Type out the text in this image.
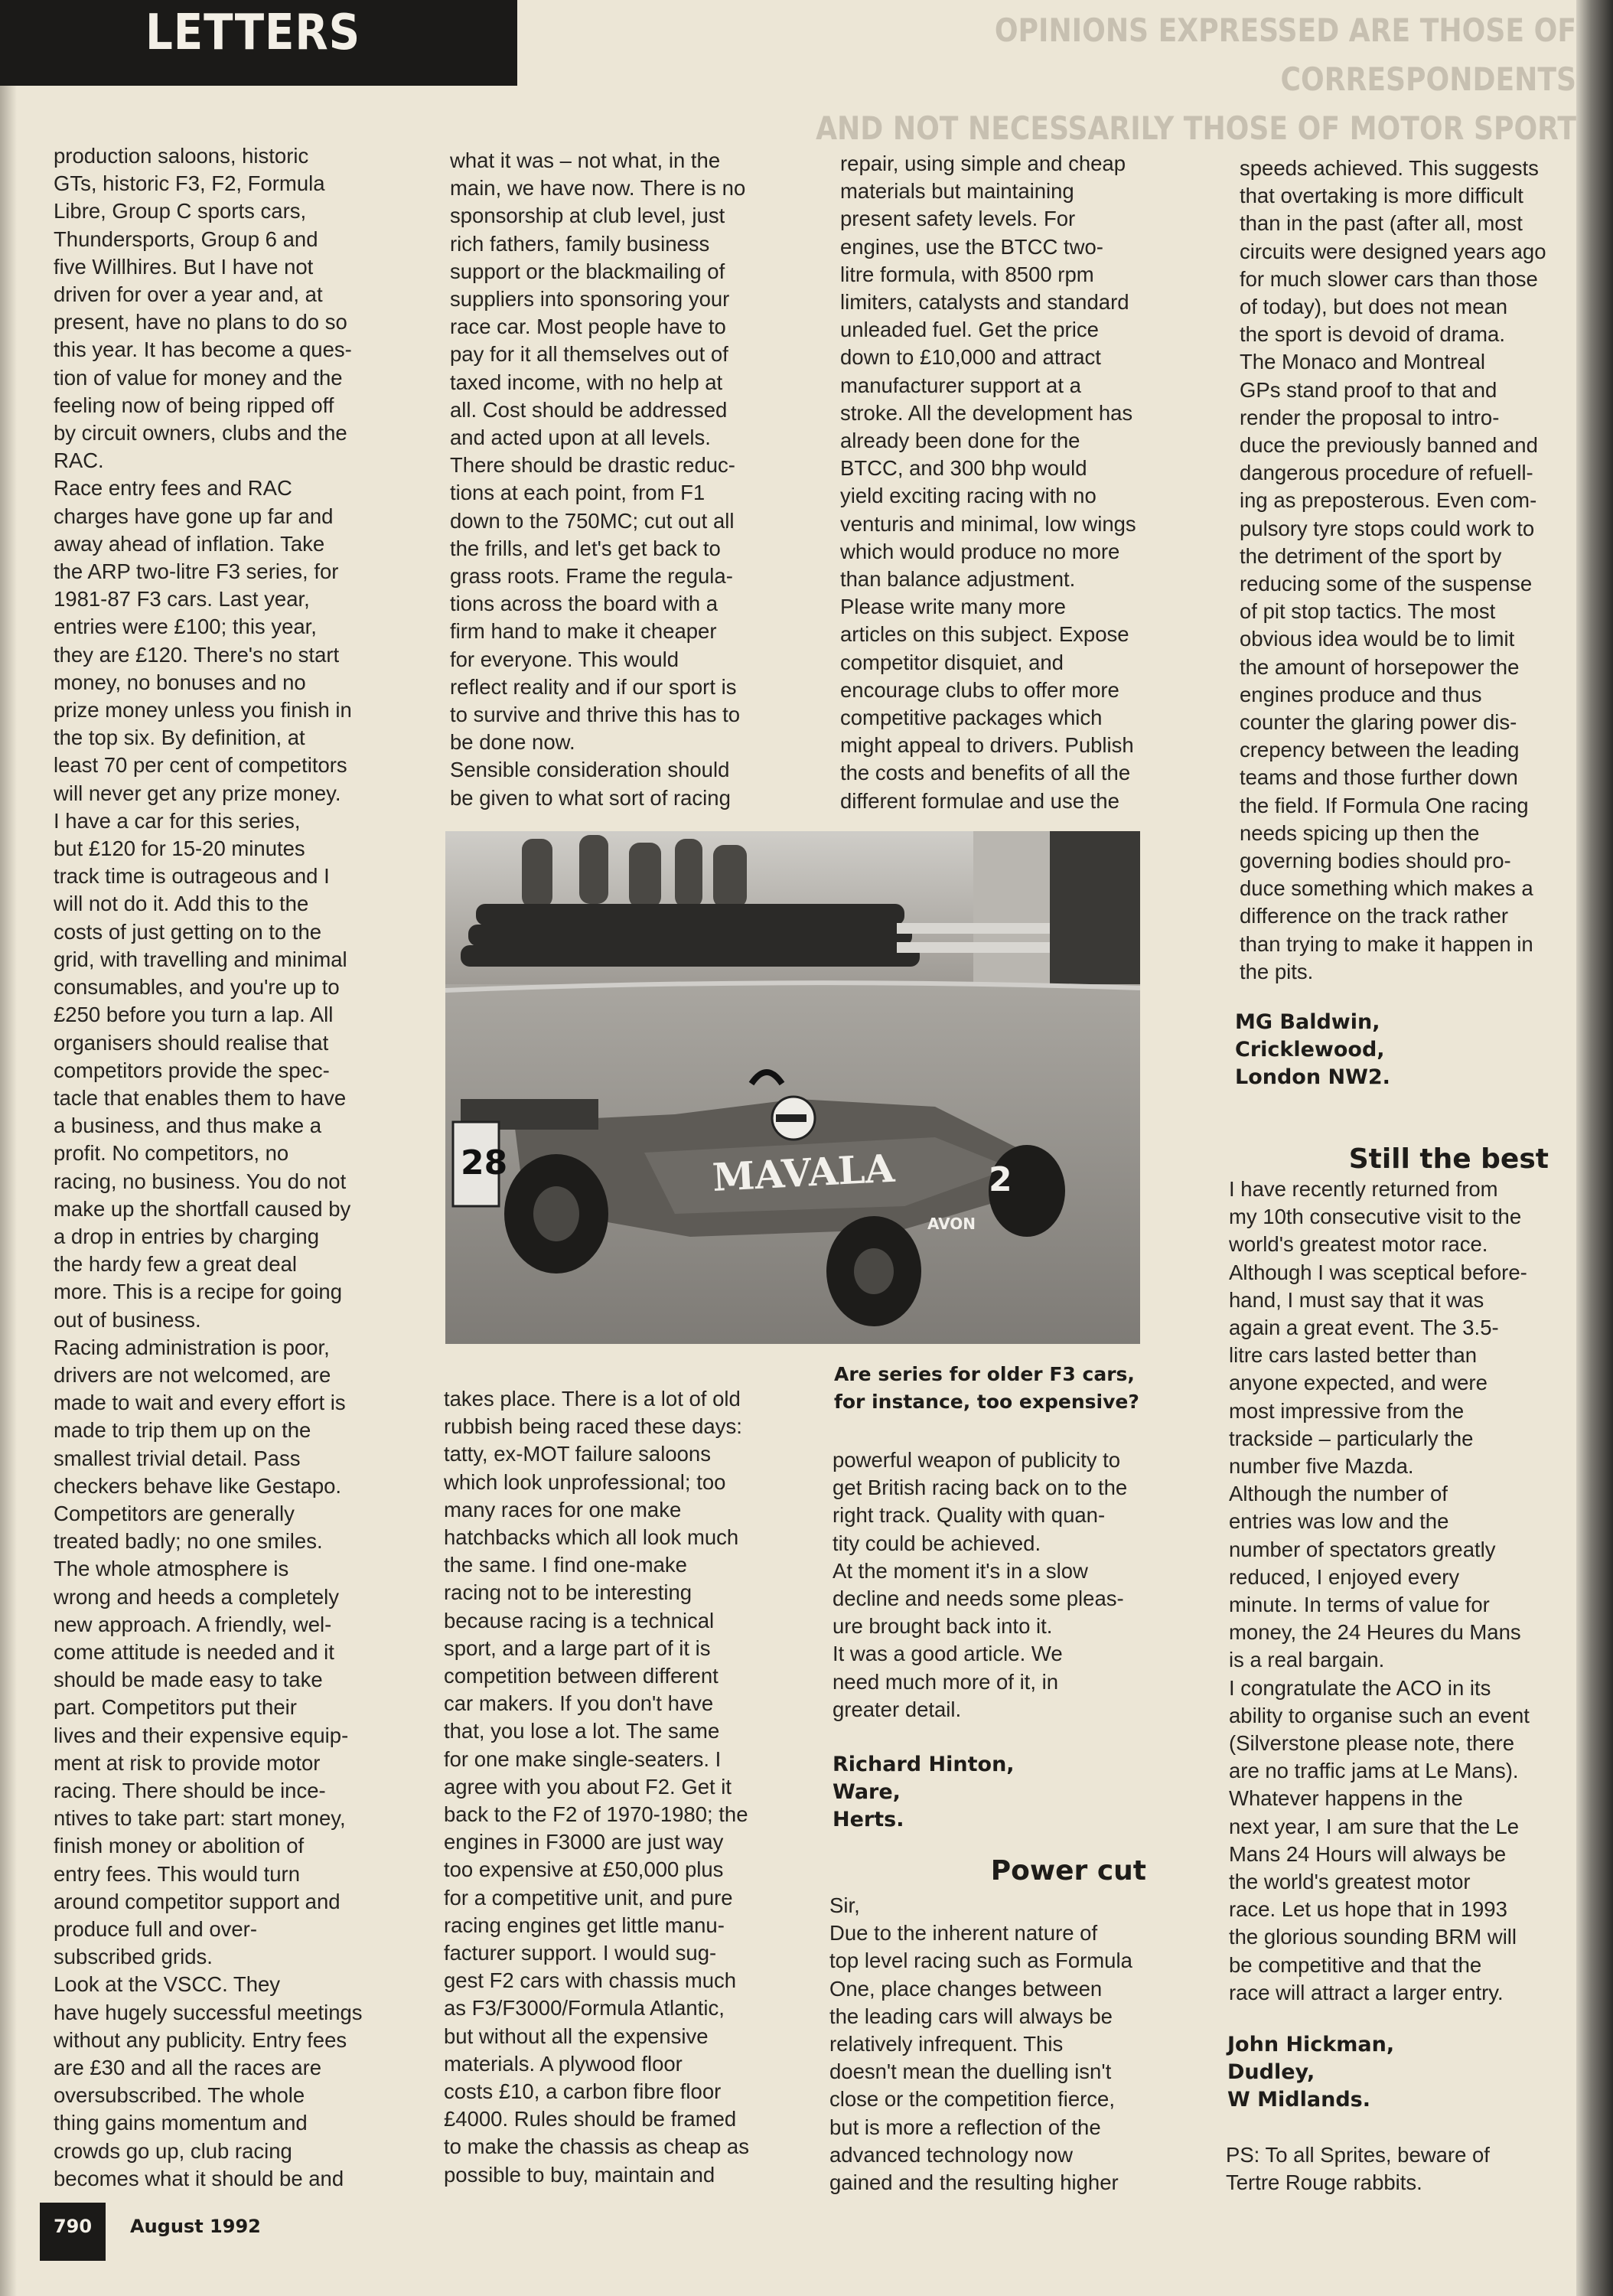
LETTERS	OPINIONS EXPRESSED ARE THOSE OF CORRESPONDENTS
AND NOT NECESSARILY THOSE OF MOTOR SPORT
production saloons, historic
GTs, historic F3, F2, Formula
Libre, Group C sports cars,
Thundersports, Group 6 and
five Willhires. But I have not
driven for over a year and, at
present, have no plans to do so
this year. It has become a ques-
tion of value for money and the
feeling now of being ripped off
by circuit owners, clubs and the
RAC.
Race entry fees and RAC
charges have gone up far and
away ahead of inflation. Take
the ARP two-litre F3 series, for
1981-87 F3 cars. Last year,
entries were £100; this year,
they are £120. There's no start
money, no bonuses and no
prize money unless you finish in
the top six. By definition, at
least 70 per cent of competitors
will never get any prize money.
I have a car for this series,
but £120 for 15-20 minutes
track time is outrageous and I
will not do it. Add this to the
costs of just getting on to the
grid, with travelling and minimal
consumables, and you're up to
£250 before you turn a lap. All
organisers should realise that
competitors provide the spec-
tacle that enables them to have
a business, and thus make a
profit. No competitors, no
racing, no business. You do not
make up the shortfall caused by
a drop in entries by charging
the hardy few a great deal
more. This is a recipe for going
out of business.
Racing administration is poor,
drivers are not welcomed, are
made to wait and every effort is
made to trip them up on the
smallest trivial detail. Pass
checkers behave like Gestapo.
Competitors are generally
treated badly; no one smiles.
The whole atmosphere is
wrong and heeds a completely
new approach. A friendly, wel-
come attitude is needed and it
should be made easy to take
part. Competitors put their
lives and their expensive equip-
ment at risk to provide motor
racing. There should be ince-
ntives to take part: start money,
finish money or abolition of
entry fees. This would turn
around competitor support and
produce full and over-
subscribed grids.
Look at the VSCC. They
have hugely successful meetings
without any publicity. Entry fees
are £30 and all the races are
oversubscribed. The whole
thing gains momentum and
crowds go up, club racing
becomes what it should be and
what it was – not what, in the
main, we have now. There is no
sponsorship at club level, just
rich fathers, family business
support or the blackmailing of
suppliers into sponsoring your
race car. Most people have to
pay for it all themselves out of
taxed income, with no help at
all. Cost should be addressed
and acted upon at all levels.
There should be drastic reduc-
tions at each point, from F1
down to the 750MC; cut out all
the frills, and let's get back to
grass roots. Frame the regula-
tions across the board with a
firm hand to make it cheaper
for everyone. This would
reflect reality and if our sport is
to survive and thrive this has to
be done now.
Sensible consideration should
be given to what sort of racing
repair, using simple and cheap
materials but maintaining
present safety levels. For
engines, use the BTCC two-
litre formula, with 8500 rpm
limiters, catalysts and standard
unleaded fuel. Get the price
down to £10,000 and attract
manufacturer support at a
stroke. All the development has
already been done for the
BTCC, and 300 bhp would
yield exciting racing with no
venturis and minimal, low wings
which would produce no more
than balance adjustment.
Please write many more
articles on this subject. Expose
competitor disquiet, and
encourage clubs to offer more
competitive packages which
might appeal to drivers. Publish
the costs and benefits of all the
different formulae and use the
speeds achieved. This suggests
that overtaking is more difficult
than in the past (after all, most
circuits were designed years ago
for much slower cars than those
of today), but does not mean
the sport is devoid of drama.
The Monaco and Montreal
GPs stand proof to that and
render the proposal to intro-
duce the previously banned and
dangerous procedure of refuell-
ing as preposterous. Even com-
pulsory tyre stops could work to
the detriment of the sport by
reducing some of the suspense
of pit stop tactics. The most
obvious idea would be to limit
the amount of horsepower the
engines produce and thus
counter the glaring power dis-
crepency between the leading
teams and those further down
the field. If Formula One racing
needs spicing up then the
governing bodies should pro-
duce something which makes a
difference on the track rather
than trying to make it happen in
the pits.
28	MAVALA	2
AVON
takes place. There is a lot of old
rubbish being raced these days:
tatty, ex-MOT failure saloons
which look unprofessional; too
many races for one make
hatchbacks which all look much
the same. I find one-make
racing not to be interesting
because racing is a technical
sport, and a large part of it is
competition between different
car makers. If you don't have
that, you lose a lot. The same
for one make single-seaters. I
agree with you about F2. Get it
back to the F2 of 1970-1980; the
engines in F3000 are just way
too expensive at £50,000 plus
for a competitive unit, and pure
racing engines get little manu-
facturer support. I would sug-
gest F2 cars with chassis much
as F3/F3000/Formula Atlantic,
but without all the expensive
materials. A plywood floor
costs £10, a carbon fibre floor
£4000. Rules should be framed
to make the chassis as cheap as
possible to buy, maintain and
Are series for older F3 cars,
for instance, too expensive?
powerful weapon of publicity to
get British racing back on to the
right track. Quality with quan-
tity could be achieved.
At the moment it's in a slow
decline and needs some pleas-
ure brought back into it.
It was a good article. We
need much more of it, in
greater detail.
Richard Hinton,
Ware,
Herts.
Power cut
Sir,
Due to the inherent nature of
top level racing such as Formula
One, place changes between
the leading cars will always be
relatively infrequent. This
doesn't mean the duelling isn't
close or the competition fierce,
but is more a reflection of the
advanced technology now
gained and the resulting higher
MG Baldwin,
Cricklewood,
London NW2.
Still the best
I have recently returned from
my 10th consecutive visit to the
world's greatest motor race.
Although I was sceptical before-
hand, I must say that it was
again a great event. The 3.5-
litre cars lasted better than
anyone expected, and were
most impressive from the
trackside – particularly the
number five Mazda.
Although the number of
entries was low and the
number of spectators greatly
reduced, I enjoyed every
minute. In terms of value for
money, the 24 Heures du Mans
is a real bargain.
I congratulate the ACO in its
ability to organise such an event
(Silverstone please note, there
are no traffic jams at Le Mans).
Whatever happens in the
next year, I am sure that the Le
Mans 24 Hours will always be
the world's greatest motor
race. Let us hope that in 1993
the glorious sounding BRM will
be competitive and that the
race will attract a larger entry.
John Hickman,
Dudley,
W Midlands.
PS: To all Sprites, beware of
Tertre Rouge rabbits.
790	August 1992
